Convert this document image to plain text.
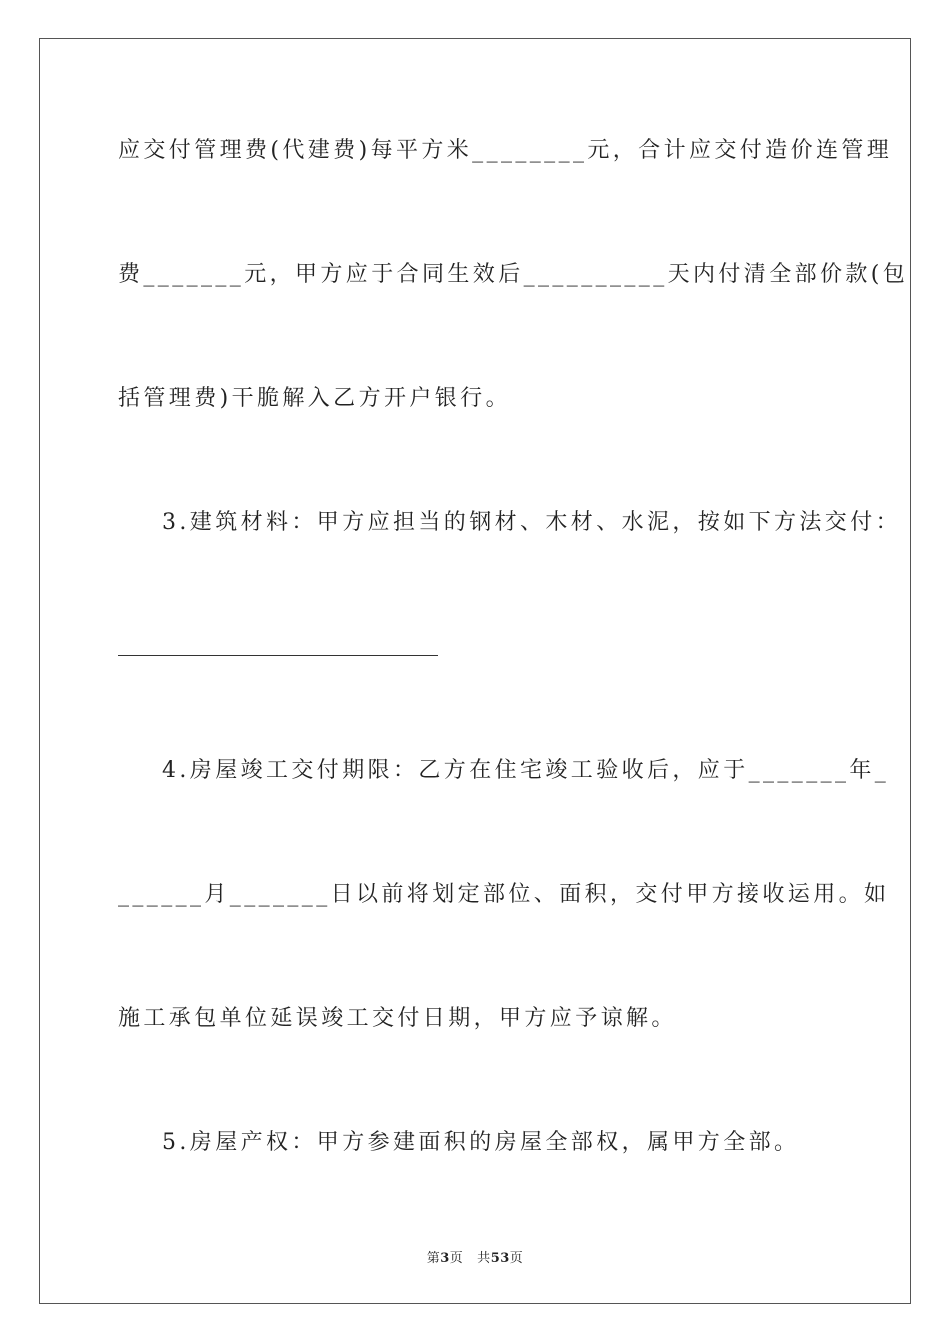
应交付管理费(代建费)每平方米________元，合计应交付造价连管理
费_______元，甲方应于合同生效后__________天内付清全部价款(包
括管理费)干脆解入乙方开户银行。
3.建筑材料：甲方应担当的钢材、木材、水泥，按如下方法交付：
4.房屋竣工交付期限：乙方在住宅竣工验收后，应于_______年_
______月_______日以前将划定部位、面积，交付甲方接收运用。如
施工承包单位延误竣工交付日期，甲方应予谅解。
5.房屋产权：甲方参建面积的房屋全部权，属甲方全部。
第3页 共53页
